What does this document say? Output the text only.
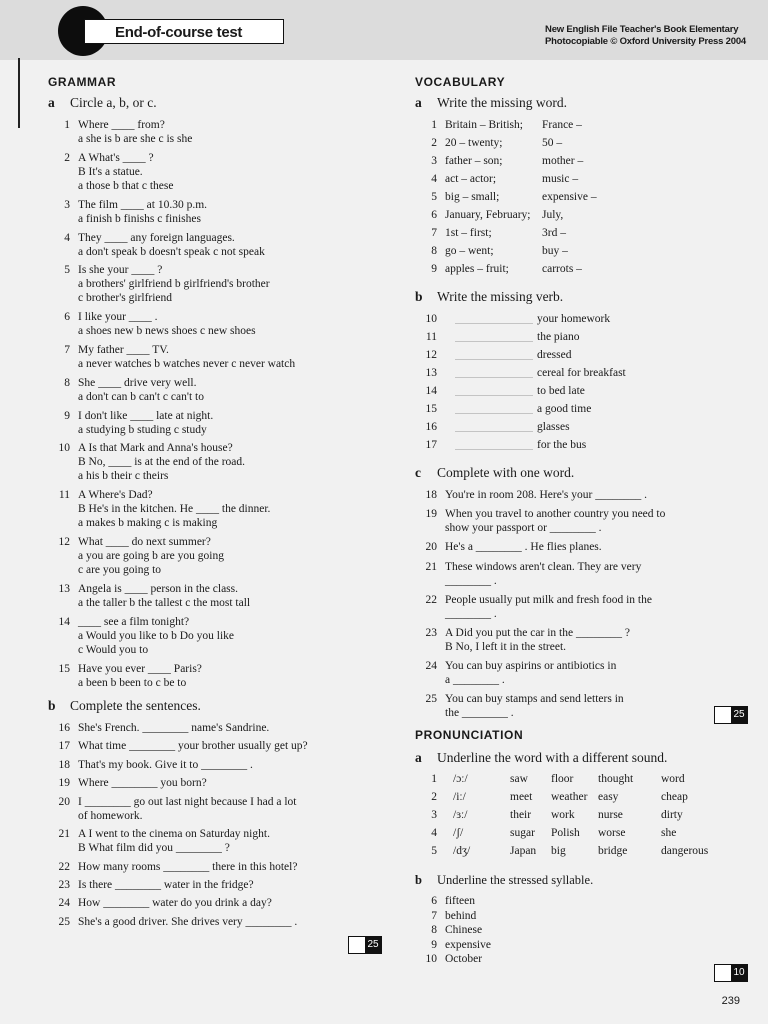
End-of-course test	New English File Teacher's Book Elementary
Photocopiable © Oxford University Press 2004
GRAMMAR
a Circle a, b, or c.
1 Where ____ from?
a she is b are she c is she
2 A What's ____ ?
B It's a statue.
a those b that c these
3 The film ____ at 10.30 p.m.
a finish b finishs c finishes
4 They ____ any foreign languages.
a don't speak b doesn't speak c not speak
5 Is she your ____ ?
a brothers' girlfriend b girlfriend's brother
c brother's girlfriend
6 I like your ____ .
a shoes new b news shoes c new shoes
7 My father ____ TV.
a never watches b watches never c never watch
8 She ____ drive very well.
a don't can b can't c can't to
9 I don't like ____ late at night.
a studying b studing c study
10 A Is that Mark and Anna's house?
B No, ____ is at the end of the road.
a his b their c theirs
11 A Where's Dad?
B He's in the kitchen. He ____ the dinner.
a makes b making c is making
12 What ____ do next summer?
a you are going b are you going
c are you going to
13 Angela is ____ person in the class.
a the taller b the tallest c the most tall
14 ____ see a film tonight?
a Would you like to b Do you like
c Would you to
15 Have you ever ____ Paris?
a been b been to c be to
b Complete the sentences.
16 She's French. ________ name's Sandrine.
17 What time ________ your brother usually get up?
18 That's my book. Give it to ________ .
19 Where ________ you born?
20 I ________ go out last night because I had a lot
of homework.
21 A I went to the cinema on Saturday night.
B What film did you ________ ?
22 How many rooms ________ there in this hotel?
23 Is there ________ water in the fridge?
24 How ________ water do you drink a day?
25 She's a good driver. She drives very ________ .
25
VOCABULARY
a Write the missing word.
1 Britain – British; France –
2 20 – twenty;	50 –
3 father – son;	mother –
4 act – actor;	music –
5 big – small;	expensive –
6 January, February; July,
7 1st – first;	3rd –
8 go – went;	buy –
9 apples – fruit;	carrots –
b Write the missing verb.
10	your homework
11	the piano
12	dressed
13	cereal for breakfast
14	to bed late
15	a good time
16	glasses
17	for the bus
c Complete with one word.
18 You're in room 208. Here's your ________ .
19 When you travel to another country you need to
show your passport or ________ .
20 He's a ________ . He flies planes.
21 These windows aren't clean. They are very
________ .
22 People usually put milk and fresh food in the
________ .
23 A Did you put the car in the ________ ?
B No, I left it in the street.
24 You can buy aspirins or antibiotics in
a ________ .
25 You can buy stamps and send letters in
the ________ .	25
PRONUNCIATION
a Underline the word with a different sound.
1 /ɔː/	saw floor thought word
2 /iː/	meet weather easy	cheap
3 /ɜː/	their work nurse	dirty
4 /ʃ/	sugar Polish worse	she
5 /dʒ/	Japan big	bridge	dangerous
b Underline the stressed syllable.
6 fifteen
7 behind
8 Chinese
9 expensive
10 October
10
239
